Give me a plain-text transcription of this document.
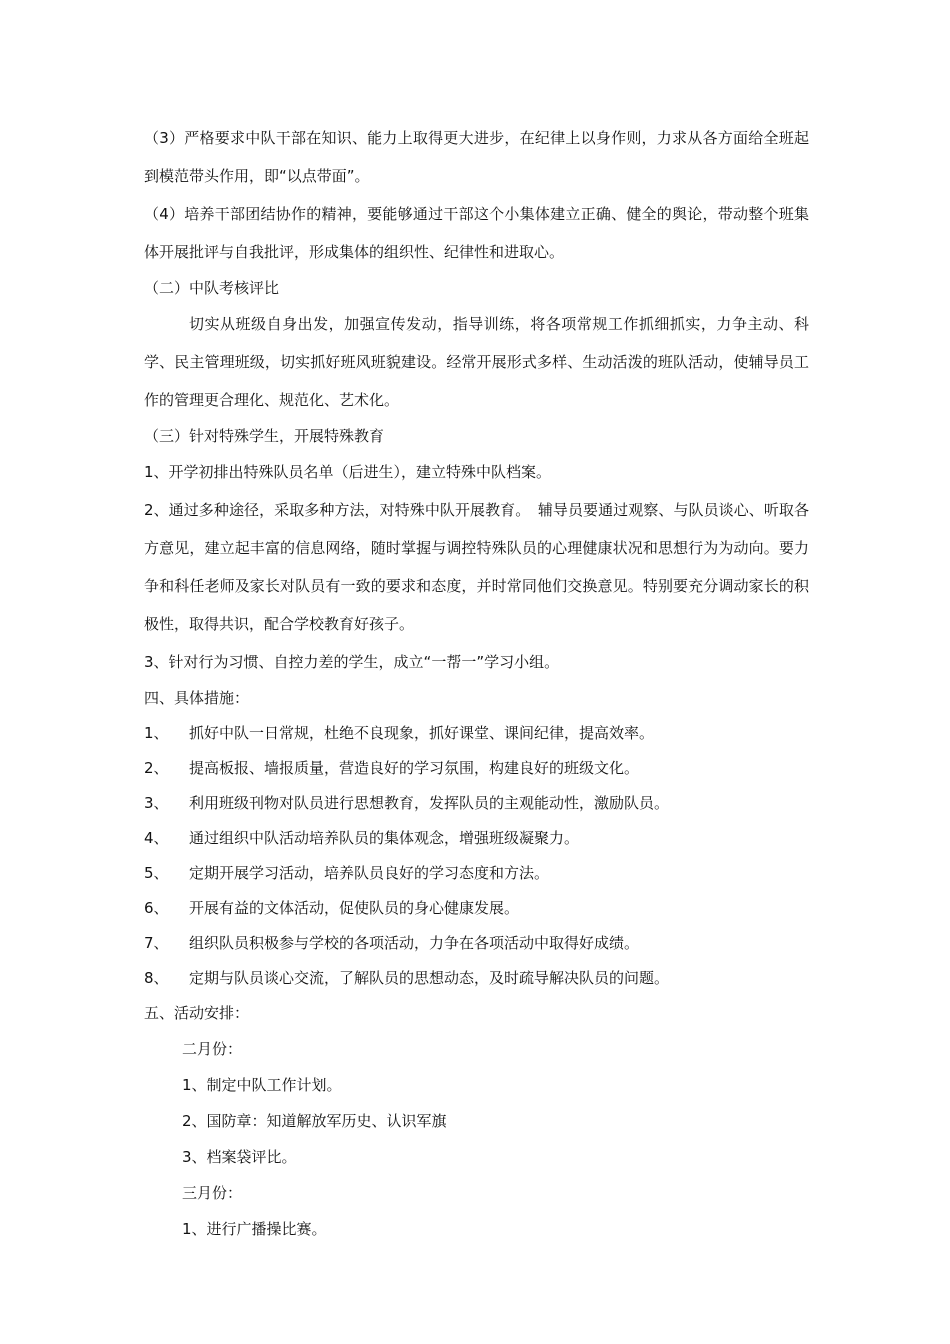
（3）严格要求中队干部在知识、能力上取得更大进步，在纪律上以身作则，力求从各方面给全班起到模范带头作用，即“以点带面”。

（4）培养干部团结协作的精神，要能够通过干部这个小集体建立正确、健全的舆论，带动整个班集体开展批评与自我批评，形成集体的组织性、纪律性和进取心。

（二）中队考核评比

切实从班级自身出发，加强宣传发动，指导训练，将各项常规工作抓细抓实，力争主动、科学、民主管理班级，切实抓好班风班貌建设。经常开展形式多样、生动活泼的班队活动，使辅导员工作的管理更合理化、规范化、艺术化。

（三）针对特殊学生，开展特殊教育

1、开学初排出特殊队员名单（后进生），建立特殊中队档案。

2、通过多种途径，采取多种方法，对特殊中队开展教育。　辅导员要通过观察、与队员谈心、听取各方意见，建立起丰富的信息网络，随时掌握与调控特殊队员的心理健康状况和思想行为为动向。要力争和科任老师及家长对队员有一致的要求和态度，并时常同他们交换意见。特别要充分调动家长的积极性，取得共识，配合学校教育好孩子。

3、针对行为习惯、自控力差的学生，成立“一帮一”学习小组。

四、具体措施：

1、 抓好中队一日常规，杜绝不良现象，抓好课堂、课间纪律，提高效率。

2、 提高板报、墙报质量，营造良好的学习氛围，构建良好的班级文化。

3、 利用班级刊物对队员进行思想教育，发挥队员的主观能动性，激励队员。

4、 通过组织中队活动培养队员的集体观念，增强班级凝聚力。

5、 定期开展学习活动，培养队员良好的学习态度和方法。

6、 开展有益的文体活动，促使队员的身心健康发展。

7、 组织队员积极参与学校的各项活动，力争在各项活动中取得好成绩。

8、 定期与队员谈心交流，了解队员的思想动态，及时疏导解决队员的问题。

五、活动安排：

二月份：

1、制定中队工作计划。

2、国防章：知道解放军历史、认识军旗

3、档案袋评比。

三月份：

1、进行广播操比赛。
